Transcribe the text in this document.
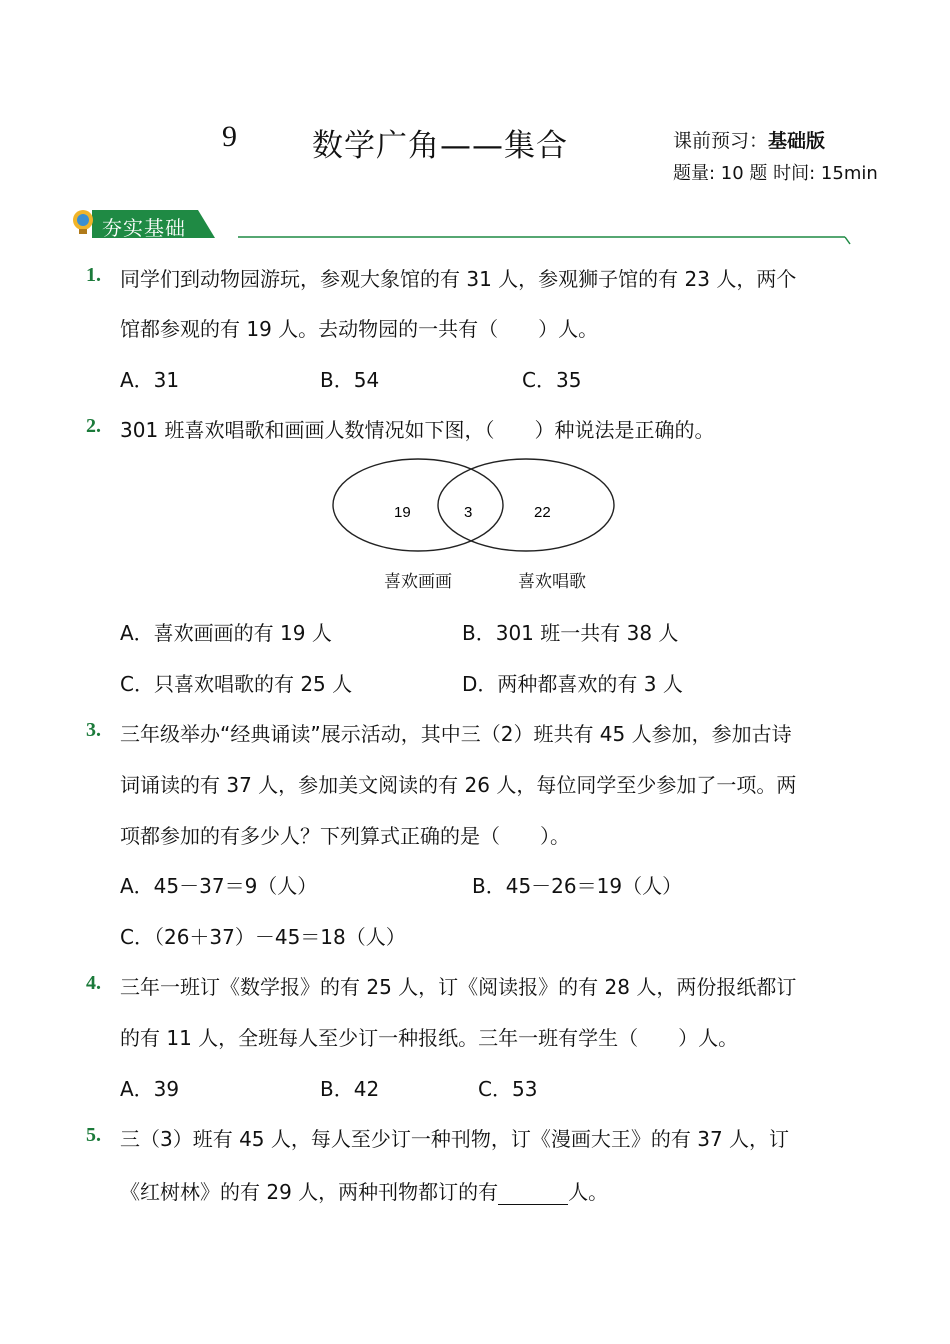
9 数学广角——集合	课前预习：基础版
题量: 10 题 时间: 15min
夯实基础
1. 同学们到动物园游玩，参观大象馆的有 31 人，参观狮子馆的有 23 人，两个
馆都参观的有 19 人。去动物园的一共有（　　）人。
A．31	B．54	C．35
2. 301 班喜欢唱歌和画画人数情况如下图，（　　）种说法是正确的。
19	3	22
喜欢画画	喜欢唱歌
A．喜欢画画的有 19 人	B．301 班一共有 38 人
C．只喜欢唱歌的有 25 人	D．两种都喜欢的有 3 人
3. 三年级举办“经典诵读”展示活动，其中三（2）班共有 45 人参加，参加古诗
词诵读的有 37 人，参加美文阅读的有 26 人，每位同学至少参加了一项。两
项都参加的有多少人？下列算式正确的是（　　）。
A．45－37＝9（人）	B．45－26＝19（人）
C．（26＋37）－45＝18（人）
4. 三年一班订《数学报》的有 25 人，订《阅读报》的有 28 人，两份报纸都订
的有 11 人，全班每人至少订一种报纸。三年一班有学生（　　）人。
A．39	B．42	C．53
5. 三（3）班有 45 人，每人至少订一种刊物，订《漫画大王》的有 37 人，订
《红树林》的有 29 人，两种刊物都订的有	人。
